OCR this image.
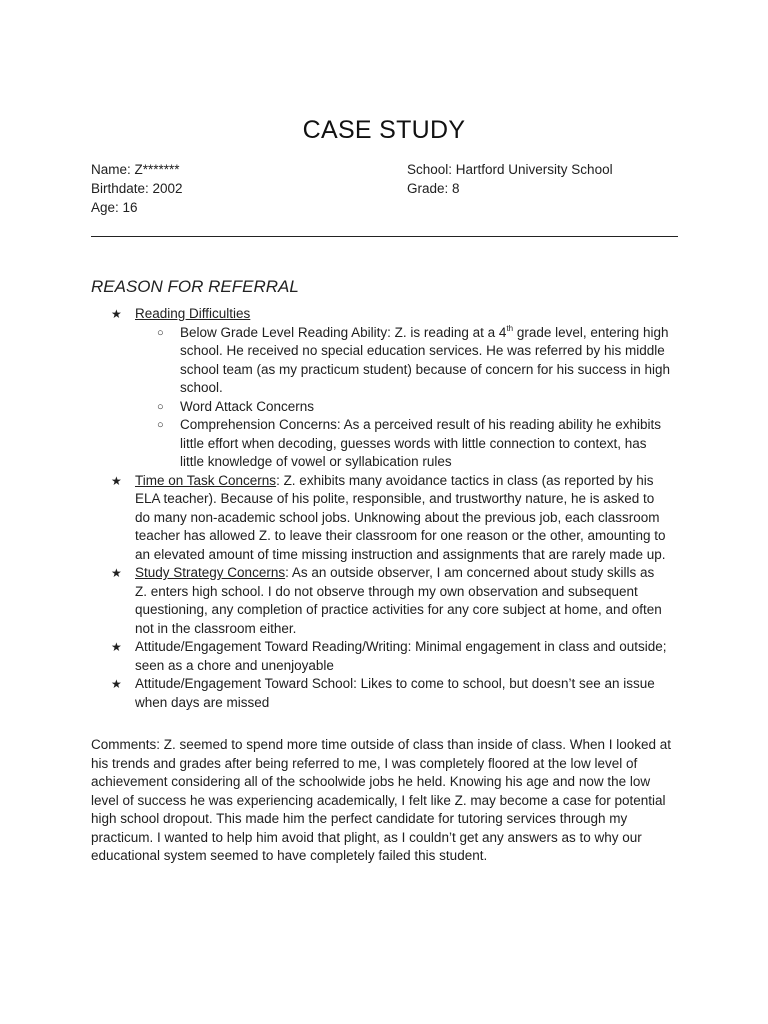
CASE STUDY
Name: Z*******
Birthdate: 2002
Age: 16
School: Hartford University School
Grade: 8
REASON FOR REFERRAL
★ Reading Difficulties
○ Below Grade Level Reading Ability: Z. is reading at a 4th grade level, entering high school. He received no special education services. He was referred by his middle school team (as my practicum student) because of concern for his success in high school.
○ Word Attack Concerns
○ Comprehension Concerns: As a perceived result of his reading ability he exhibits little effort when decoding, guesses words with little connection to context, has little knowledge of vowel or syllabication rules
★ Time on Task Concerns: Z. exhibits many avoidance tactics in class (as reported by his ELA teacher). Because of his polite, responsible, and trustworthy nature, he is asked to do many non-academic school jobs. Unknowing about the previous job, each classroom teacher has allowed Z. to leave their classroom for one reason or the other, amounting to an elevated amount of time missing instruction and assignments that are rarely made up.
★ Study Strategy Concerns: As an outside observer, I am concerned about study skills as Z. enters high school. I do not observe through my own observation and subsequent questioning, any completion of practice activities for any core subject at home, and often not in the classroom either.
★ Attitude/Engagement Toward Reading/Writing: Minimal engagement in class and outside; seen as a chore and unenjoyable
★ Attitude/Engagement Toward School: Likes to come to school, but doesn’t see an issue when days are missed
Comments: Z. seemed to spend more time outside of class than inside of class. When I looked at his trends and grades after being referred to me, I was completely floored at the low level of achievement considering all of the schoolwide jobs he held. Knowing his age and now the low level of success he was experiencing academically, I felt like Z. may become a case for potential high school dropout. This made him the perfect candidate for tutoring services through my practicum. I wanted to help him avoid that plight, as I couldn’t get any answers as to why our educational system seemed to have completely failed this student.
